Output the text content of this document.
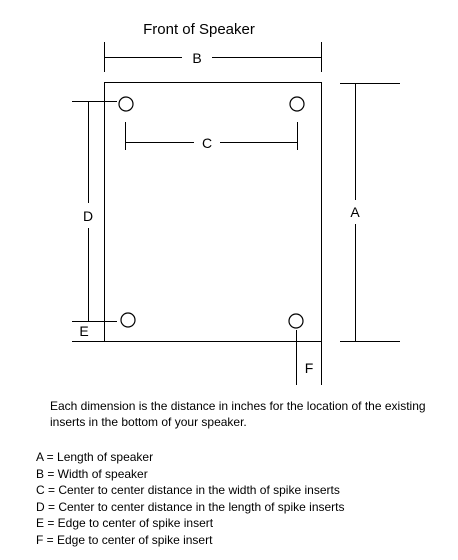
Front of Speaker
B
C
A
D
E
F
Each dimension is the distance in inches for the location of the existing inserts in the bottom of your speaker.
A = Length of speaker
B = Width of speaker
C = Center to center distance in the width of spike inserts
D = Center to center distance in the length of spike inserts
E = Edge to center of spike insert
F = Edge to center of spike insert
